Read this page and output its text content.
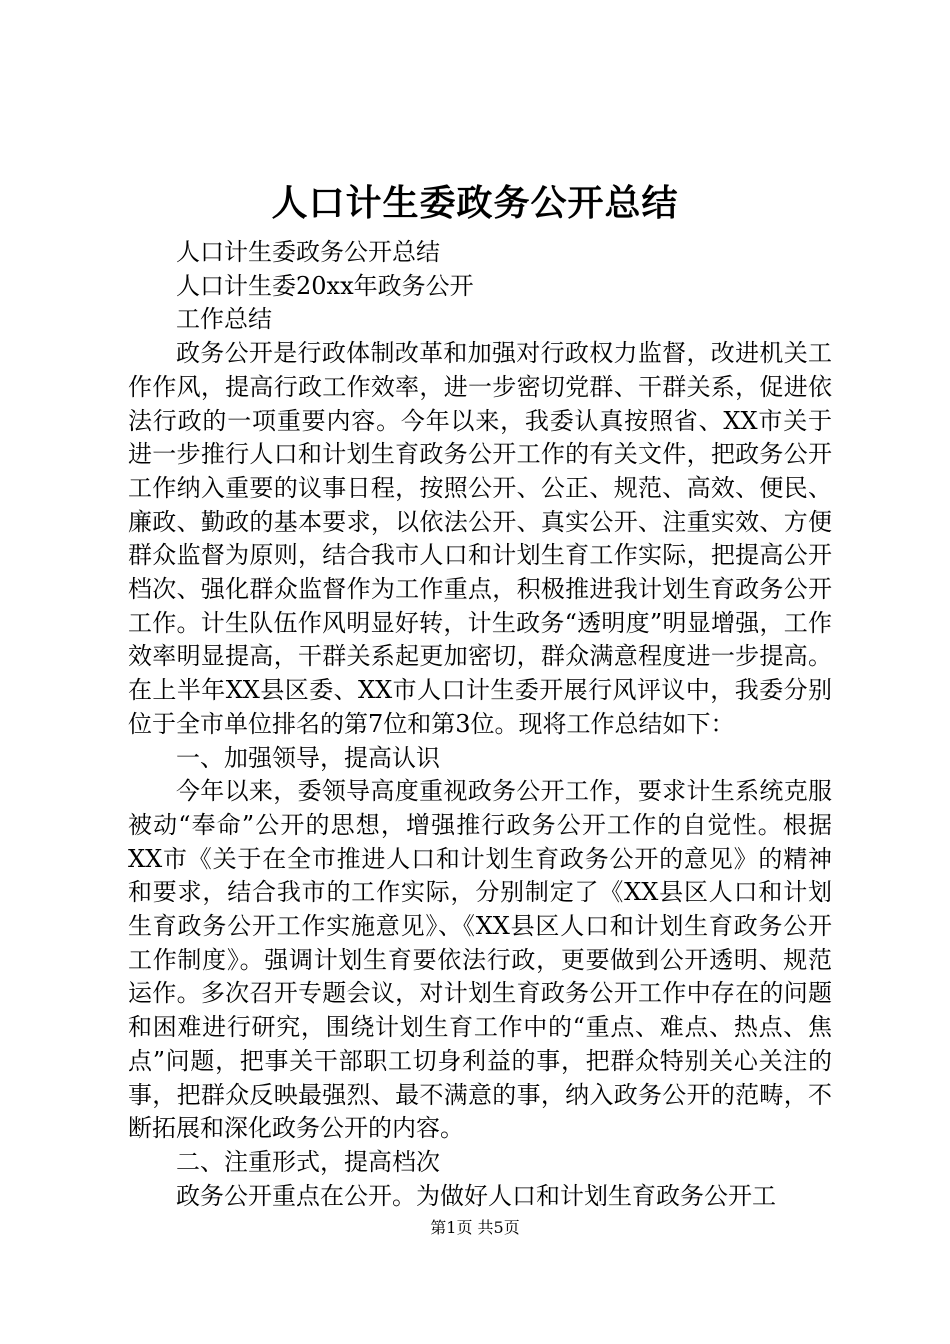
人口计生委政务公开总结

人口计生委政务公开总结

人口计生委20xx年政务公开

工作总结

政务公开是行政体制改革和加强对行政权力监督，改进机关工作作风，提高行政工作效率，进一步密切党群、干群关系，促进依法行政的一项重要内容。今年以来，我委认真按照省、XX市关于进一步推行人口和计划生育政务公开工作的有关文件，把政务公开工作纳入重要的议事日程，按照公开、公正、规范、高效、便民、廉政、勤政的基本要求，以依法公开、真实公开、注重实效、方便群众监督为原则，结合我市人口和计划生育工作实际，把提高公开档次、强化群众监督作为工作重点，积极推进我计划生育政务公开工作。计生队伍作风明显好转，计生政务“透明度”明显增强，工作效率明显提高，干群关系起更加密切，群众满意程度进一步提高。在上半年XX县区委、XX市人口计生委开展行风评议中，我委分别位于全市单位排名的第7位和第3位。现将工作总结如下：

一、加强领导，提高认识

今年以来，委领导高度重视政务公开工作，要求计生系统克服被动“奉命”公开的思想，增强推行政务公开工作的自觉性。根据XX市《关于在全市推进人口和计划生育政务公开的意见》的精神和要求，结合我市的工作实际，分别制定了《XX县区人口和计划生育政务公开工作实施意见》、《XX县区人口和计划生育政务公开工作制度》。强调计划生育要依法行政，更要做到公开透明、规范运作。多次召开专题会议，对计划生育政务公开工作中存在的问题和困难进行研究，围绕计划生育工作中的“重点、难点、热点、焦点”问题，把事关干部职工切身利益的事，把群众特别关心关注的事，把群众反映最强烈、最不满意的事，纳入政务公开的范畴，不断拓展和深化政务公开的内容。

二、注重形式，提高档次

政务公开重点在公开。为做好人口和计划生育政务公开工

第1页 共5页
